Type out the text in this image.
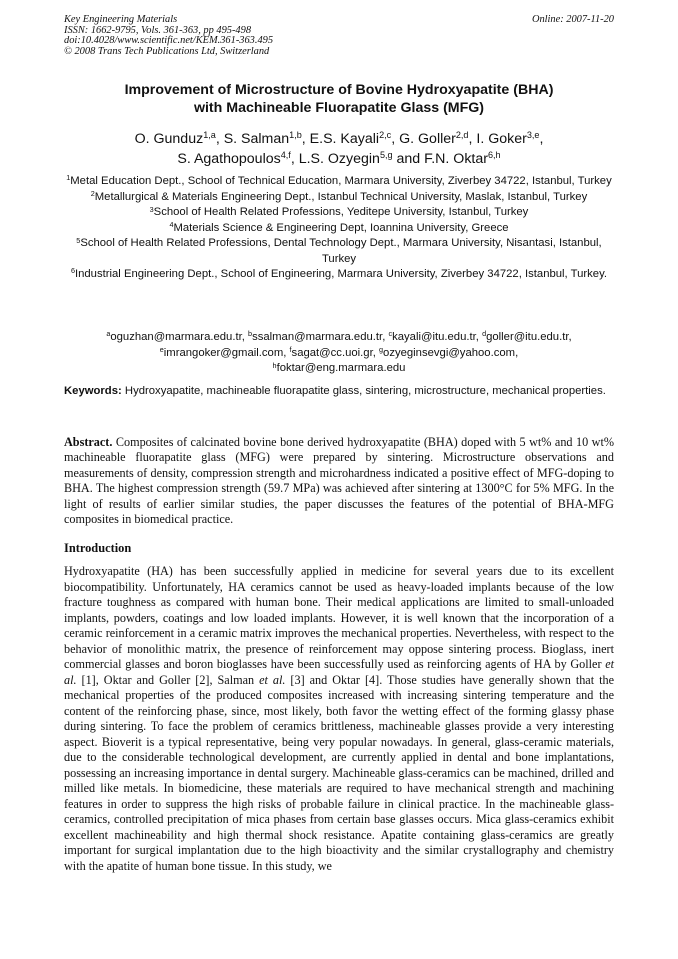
Key Engineering Materials
ISSN: 1662-9795, Vols. 361-363, pp 495-498
doi:10.4028/www.scientific.net/KEM.361-363.495
© 2008 Trans Tech Publications Ltd, Switzerland
Online: 2007-11-20
Improvement of Microstructure of Bovine Hydroxyapatite (BHA)
with Machineable Fluorapatite Glass (MFG)
O. Gunduz$^{1,a}$, S. Salman$^{1,b}$, E.S. Kayali$^{2,c}$, G. Goller$^{2,d}$, I. Goker$^{3,e}$,
S. Agathopoulos$^{4,f}$, L.S. Ozyegin$^{5,g}$ and F.N. Oktar$^{6,h}$
$^1$Metal Education Dept., School of Technical Education, Marmara University, Ziverbey 34722, Istanbul, Turkey
$^2$Metallurgical & Materials Engineering Dept., Istanbul Technical University, Maslak, Istanbul, Turkey
$^3$School of Health Related Professions, Yeditepe University, Istanbul, Turkey
$^4$Materials Science & Engineering Dept, Ioannina University, Greece
$^5$School of Health Related Professions, Dental Technology Dept., Marmara University, Nisantasi, Istanbul, Turkey
$^6$Industrial Engineering Dept., School of Engineering, Marmara University, Ziverbey 34722, Istanbul, Turkey.
$^a$oguzhan@marmara.edu.tr, $^b$ssalman@marmara.edu.tr, $^c$kayali@itu.edu.tr, $^d$goller@itu.edu.tr,
$^e$imrangoker@gmail.com, $^f$sagat@cc.uoi.gr, $^g$ozyeginsevgi@yahoo.com,
$^h$foktar@eng.marmara.edu
Keywords: Hydroxyapatite, machineable fluorapatite glass, sintering, microstructure, mechanical properties.
Abstract. Composites of calcinated bovine bone derived hydroxyapatite (BHA) doped with 5 wt% and 10 wt% machineable fluorapatite glass (MFG) were prepared by sintering. Microstructure observations and measurements of density, compression strength and microhardness indicated a positive effect of MFG-doping to BHA. The highest compression strength (59.7 MPa) was achieved after sintering at 1300°C for 5% MFG. In the light of results of earlier similar studies, the paper discusses the features of the potential of BHA-MFG composites in biomedical practice.
Introduction
Hydroxyapatite (HA) has been successfully applied in medicine for several years due to its excellent biocompatibility. Unfortunately, HA ceramics cannot be used as heavy-loaded implants because of the low fracture toughness as compared with human bone. Their medical applications are limited to small-unloaded implants, powders, coatings and low loaded implants. However, it is well known that the incorporation of a ceramic reinforcement in a ceramic matrix improves the mechanical properties. Nevertheless, with respect to the behavior of monolithic matrix, the presence of reinforcement may oppose sintering process. Bioglass, inert commercial glasses and boron bioglasses have been successfully used as reinforcing agents of HA by Goller et al. [1], Oktar and Goller [2], Salman et al. [3] and Oktar [4]. Those studies have generally shown that the mechanical properties of the produced composites increased with increasing sintering temperature and the content of the reinforcing phase, since, most likely, both favor the wetting effect of the forming glassy phase during sintering. To face the problem of ceramics brittleness, machineable glasses provide a very interesting aspect. Bioverit is a typical representative, being very popular nowadays. In general, glass-ceramic materials, due to the considerable technological development, are currently applied in dental and bone implantations, possessing an increasing importance in dental surgery. Machineable glass-ceramics can be machined, drilled and milled like metals. In biomedicine, these materials are required to have mechanical strength and machining features in order to suppress the high risks of probable failure in clinical practice. In the machineable glass-ceramics, controlled precipitation of mica phases from certain base glasses occurs. Mica glass-ceramics exhibit excellent machineability and high thermal shock resistance. Apatite containing glass-ceramics are greatly important for surgical implantation due to the high bioactivity and the similar crystallography and chemistry with the apatite of human bone tissue. In this study, we
